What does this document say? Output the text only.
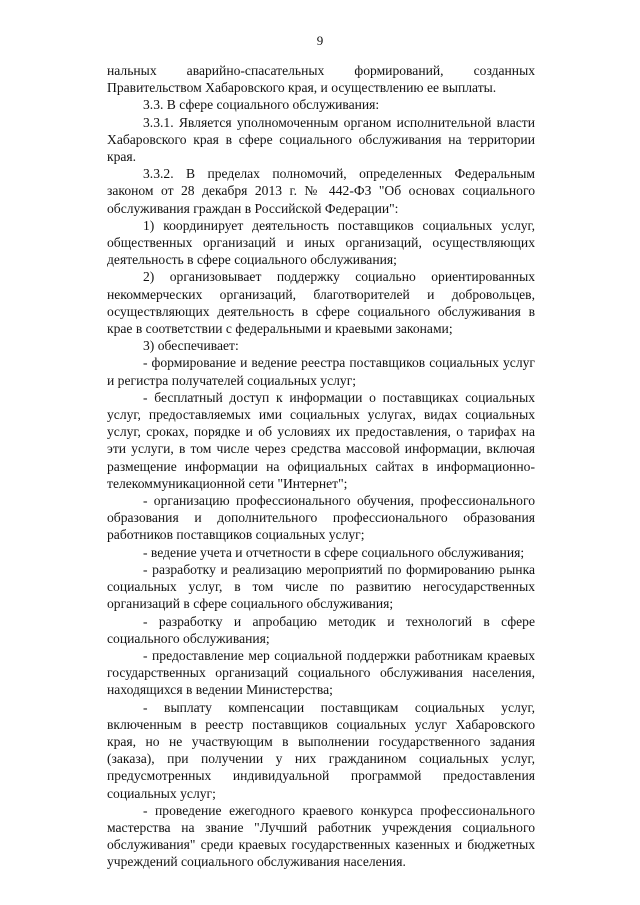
9

нальных аварийно-спасательных формирований, созданных Правительством Хабаровского края, и осуществлению ее выплаты.

3.3. В сфере социального обслуживания:

3.3.1. Является уполномоченным органом исполнительной власти Хабаровского края в сфере социального обслуживания на территории края.

3.3.2. В пределах полномочий, определенных Федеральным законом от 28 декабря 2013 г. № 442-ФЗ "Об основах социального обслуживания граждан в Российской Федерации":

1) координирует деятельность поставщиков социальных услуг, общественных организаций и иных организаций, осуществляющих деятельность в сфере социального обслуживания;

2) организовывает поддержку социально ориентированных некоммерческих организаций, благотворителей и добровольцев, осуществляющих деятельность в сфере социального обслуживания в крае в соответствии с федеральными и краевыми законами;

3) обеспечивает:

- формирование и ведение реестра поставщиков социальных услуг и регистра получателей социальных услуг;

- бесплатный доступ к информации о поставщиках социальных услуг, предоставляемых ими социальных услугах, видах социальных услуг, сроках, порядке и об условиях их предоставления, о тарифах на эти услуги, в том числе через средства массовой информации, включая размещение информации на официальных сайтах в информационно-телекоммуникационной сети "Интернет";

- организацию профессионального обучения, профессионального образования и дополнительного профессионального образования работников поставщиков социальных услуг;

- ведение учета и отчетности в сфере социального обслуживания;

- разработку и реализацию мероприятий по формированию рынка социальных услуг, в том числе по развитию негосударственных организаций в сфере социального обслуживания;

- разработку и апробацию методик и технологий в сфере социального обслуживания;

- предоставление мер социальной поддержки работникам краевых государственных организаций социального обслуживания населения, находящихся в ведении Министерства;

- выплату компенсации поставщикам социальных услуг, включенным в реестр поставщиков социальных услуг Хабаровского края, но не участвующим в выполнении государственного задания (заказа), при получении у них гражданином социальных услуг, предусмотренных индивидуальной программой предоставления социальных услуг;

- проведение ежегодного краевого конкурса профессионального мастерства на звание "Лучший работник учреждения социального обслуживания" среди краевых государственных казенных и бюджетных учреждений социального обслуживания населения.
